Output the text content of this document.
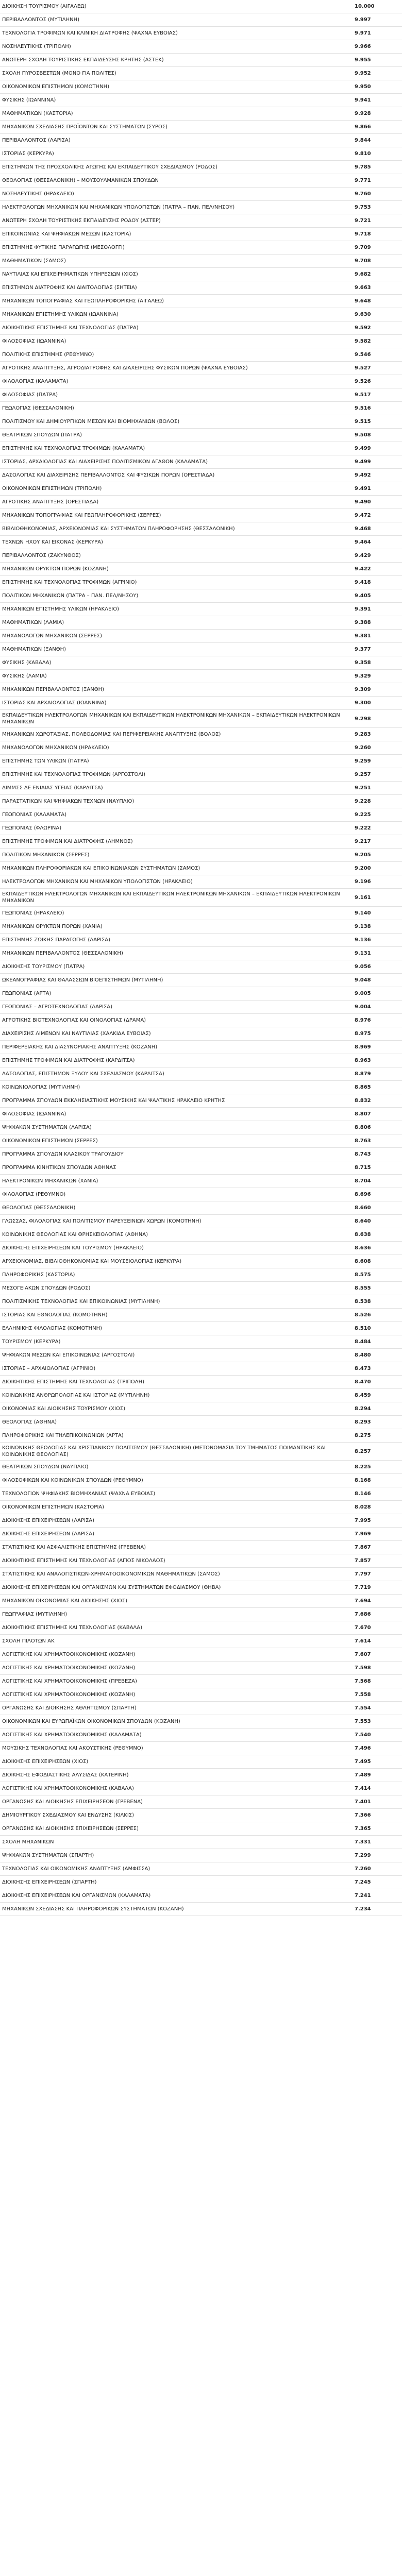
ΔΙΟΙΚΗΣΗ ΤΟΥΡΙΣΜΟΥ (ΑΙΓΑΛΕΩ)	10.000
ΠΕΡΙΒΑΛΛΟΝΤΟΣ (ΜΥΤΙΛΗΝΗ)	9.997
ΤΕΧΝΟΛΟΓΙΑ ΤΡΟΦΙΜΩΝ ΚΑΙ ΚΛΙΝΙΚΗ ΔΙΑΤΡΟΦΗΣ (ΨΑΧΝΑ ΕΥΒΟΙΑΣ)	9.971
ΝΟΣΗΛΕΥΤΙΚΗΣ (ΤΡΙΠΟΛΗ)	9.966
ΑΝΩΤΕΡΗ ΣΧΟΛΗ ΤΟΥΡΙΣΤΙΚΗΣ ΕΚΠΑΙΔΕΥΣΗΣ ΚΡΗΤΗΣ (ΑΣΤΕΚ)	9.955
ΣΧΟΛΗ ΠΥΡΟΣΒΕΣΤΩΝ (ΜΟΝΟ ΓΙΑ ΠΟΛΙΤΕΣ)	9.952
ΟΙΚΟΝΟΜΙΚΩΝ ΕΠΙΣΤΗΜΩΝ (ΚΟΜΟΤΗΝΗ)	9.950
ΦΥΣΙΚΗΣ (ΙΩΑΝΝΙΝΑ)	9.941
ΜΑΘΗΜΑΤΙΚΩΝ (ΚΑΣΤΟΡΙΑ)	9.928
ΜΗΧΑΝΙΚΩΝ ΣΧΕΔΙΑΣΗΣ ΠΡΟΪΟΝΤΩΝ ΚΑΙ ΣΥΣΤΗΜΑΤΩΝ (ΣΥΡΟΣ)	9.866
ΠΕΡΙΒΑΛΛΟΝΤΟΣ (ΛΑΡΙΣΑ)	9.844
ΙΣΤΟΡΙΑΣ (ΚΕΡΚΥΡΑ)	9.810
ΕΠΙΣΤΗΜΩΝ ΤΗΣ ΠΡΟΣΧΟΛΙΚΗΣ ΑΓΩΓΗΣ ΚΑΙ ΕΚΠΑΙΔΕΥΤΙΚΟΥ ΣΧΕΔΙΑΣΜΟΥ (ΡΟΔΟΣ)	9.785
ΘΕΟΛΟΓΙΑΣ (ΘΕΣΣΑΛΟΝΙΚΗ) – ΜΟΥΣΟΥΛΜΑΝΙΚΩΝ ΣΠΟΥΔΩΝ	9.771
ΝΟΣΗΛΕΥΤΙΚΗΣ (ΗΡΑΚΛΕΙΟ)	9.760
ΗΛΕΚΤΡΟΛΟΓΩΝ ΜΗΧΑΝΙΚΩΝ ΚΑΙ ΜΗΧΑΝΙΚΩΝ ΥΠΟΛΟΓΙΣΤΩΝ (ΠΑΤΡΑ – ΠΑΝ. ΠΕΛ/ΝΗΣΟΥ)	9.753
ΑΝΩΤΕΡΗ ΣΧΟΛΗ ΤΟΥΡΙΣΤΙΚΗΣ ΕΚΠΑΙΔΕΥΣΗΣ ΡΟΔΟΥ (ΑΣΤΕΡ)	9.721
ΕΠΙΚΟΙΝΩΝΙΑΣ ΚΑΙ ΨΗΦΙΑΚΩΝ ΜΕΣΩΝ (ΚΑΣΤΟΡΙΑ)	9.718
ΕΠΙΣΤΗΜΗΣ ΦΥΤΙΚΗΣ ΠΑΡΑΓΩΓΗΣ (ΜΕΣΟΛΟΓΓΙ)	9.709
ΜΑΘΗΜΑΤΙΚΩΝ (ΣΑΜΟΣ)	9.708
ΝΑΥΤΙΛΙΑΣ ΚΑΙ ΕΠΙΧΕΙΡΗΜΑΤΙΚΩΝ ΥΠΗΡΕΣΙΩΝ (ΧΙΟΣ)	9.682
ΕΠΙΣΤΗΜΩΝ ΔΙΑΤΡΟΦΗΣ ΚΑΙ ΔΙΑΙΤΟΛΟΓΙΑΣ (ΣΗΤΕΙΑ)	9.663
ΜΗΧΑΝΙΚΩΝ ΤΟΠΟΓΡΑΦΙΑΣ ΚΑΙ ΓΕΩΠΛΗΡΟΦΟΡΙΚΗΣ (ΑΙΓΑΛΕΩ)	9.648
ΜΗΧΑΝΙΚΩΝ ΕΠΙΣΤΗΜΗΣ ΥΛΙΚΩΝ (ΙΩΑΝΝΙΝΑ)	9.630
ΔΙΟΙΚΗΤΙΚΗΣ ΕΠΙΣΤΗΜΗΣ ΚΑΙ ΤΕΧΝΟΛΟΓΙΑΣ (ΠΑΤΡΑ)	9.592
ΦΙΛΟΣΟΦΙΑΣ (ΙΩΑΝΝΙΝΑ)	9.582
ΠΟΛΙΤΙΚΗΣ ΕΠΙΣΤΗΜΗΣ (ΡΕΘΥΜΝΟ)	9.546
ΑΓΡΟΤΙΚΗΣ ΑΝΑΠΤΥΞΗΣ, ΑΓΡΟΔΙΑΤΡΟΦΗΣ ΚΑΙ ΔΙΑΧΕΙΡΙΣΗΣ ΦΥΣΙΚΩΝ ΠΟΡΩΝ (ΨΑΧΝΑ ΕΥΒΟΙΑΣ)	9.527
ΦΙΛΟΛΟΓΙΑΣ (ΚΑΛΑΜΑΤΑ)	9.526
ΦΙΛΟΣΟΦΙΑΣ (ΠΑΤΡΑ)	9.517
ΓΕΩΛΟΓΙΑΣ (ΘΕΣΣΑΛΟΝΙΚΗ)	9.516
ΠΟΛΙΤΙΣΜΟΥ ΚΑΙ ΔΗΜΙΟΥΡΓΙΚΩΝ ΜΕΣΩΝ ΚΑΙ ΒΙΟΜΗΧΑΝΙΩΝ (ΒΟΛΟΣ)	9.515
ΘΕΑΤΡΙΚΩΝ ΣΠΟΥΔΩΝ (ΠΑΤΡΑ)	9.508
ΕΠΙΣΤΗΜΗΣ ΚΑΙ ΤΕΧΝΟΛΟΓΙΑΣ ΤΡΟΦΙΜΩΝ (ΚΑΛΑΜΑΤΑ)	9.499
ΙΣΤΟΡΙΑΣ, ΑΡΧΑΙΟΛΟΓΙΑΣ ΚΑΙ ΔΙΑΧΕΙΡΙΣΗΣ ΠΟΛΙΤΙΣΜΙΚΩΝ ΑΓΑΘΩΝ (ΚΑΛΑΜΑΤΑ)	9.499
ΔΑΣΟΛΟΓΙΑΣ ΚΑΙ ΔΙΑΧΕΙΡΙΣΗΣ ΠΕΡΙΒΑΛΛΟΝΤΟΣ ΚΑΙ ΦΥΣΙΚΩΝ ΠΟΡΩΝ (ΟΡΕΣΤΙΑΔΑ)	9.492
ΟΙΚΟΝΟΜΙΚΩΝ ΕΠΙΣΤΗΜΩΝ (ΤΡΙΠΟΛΗ)	9.491
ΑΓΡΟΤΙΚΗΣ ΑΝΑΠΤΥΞΗΣ (ΟΡΕΣΤΙΑΔΑ)	9.490
ΜΗΧΑΝΙΚΩΝ ΤΟΠΟΓΡΑΦΙΑΣ ΚΑΙ ΓΕΩΠΛΗΡΟΦΟΡΙΚΗΣ (ΣΕΡΡΕΣ)	9.472
ΒΙΒΛΙΟΘΗΚΟΝΟΜΙΑΣ, ΑΡΧΕΙΟΝΟΜΙΑΣ ΚΑΙ ΣΥΣΤΗΜΑΤΩΝ ΠΛΗΡΟΦΟΡΗΣΗΣ (ΘΕΣΣΑΛΟΝΙΚΗ)	9.468
ΤΕΧΝΩΝ ΗΧΟΥ ΚΑΙ ΕΙΚΟΝΑΣ (ΚΕΡΚΥΡΑ)	9.464
ΠΕΡΙΒΑΛΛΟΝΤΟΣ (ΖΑΚΥΝΘΟΣ)	9.429
ΜΗΧΑΝΙΚΩΝ ΟΡΥΚΤΩΝ ΠΟΡΩΝ (ΚΟΖΑΝΗ)	9.422
ΕΠΙΣΤΗΜΗΣ ΚΑΙ ΤΕΧΝΟΛΟΓΙΑΣ ΤΡΟΦΙΜΩΝ (ΑΓΡΙΝΙΟ)	9.418
ΠΟΛΙΤΙΚΩΝ ΜΗΧΑΝΙΚΩΝ (ΠΑΤΡΑ – ΠΑΝ. ΠΕΛ/ΝΗΣΟΥ)	9.405
ΜΗΧΑΝΙΚΩΝ ΕΠΙΣΤΗΜΗΣ ΥΛΙΚΩΝ (ΗΡΑΚΛΕΙΟ)	9.391
ΜΑΘΗΜΑΤΙΚΩΝ (ΛΑΜΙΑ)	9.388
ΜΗΧΑΝΟΛΟΓΩΝ ΜΗΧΑΝΙΚΩΝ (ΣΕΡΡΕΣ)	9.381
ΜΑΘΗΜΑΤΙΚΩΝ (ΞΑΝΘΗ)	9.377
ΦΥΣΙΚΗΣ (ΚΑΒΑΛΑ)	9.358
ΦΥΣΙΚΗΣ (ΛΑΜΙΑ)	9.329
ΜΗΧΑΝΙΚΩΝ ΠΕΡΙΒΑΛΛΟΝΤΟΣ (ΞΑΝΘΗ)	9.309
ΙΣΤΟΡΙΑΣ ΚΑΙ ΑΡΧΑΙΟΛΟΓΙΑΣ (ΙΩΑΝΝΙΝΑ)	9.300
ΕΚΠΑΙΔΕΥΤΙΚΩΝ ΗΛΕΚΤΡΟΛΟΓΩΝ ΜΗΧΑΝΙΚΩΝ ΚΑΙ ΕΚΠΑΙΔΕΥΤΙΚΩΝ ΗΛΕΚΤΡΟΝΙΚΩΝ ΜΗΧΑΝΙΚΩΝ – ΕΚΠΑΙΔΕΥΤΙΚΩΝ ΗΛΕΚΤΡΟΝΙΚΩΝ ΜΗΧΑΝΙΚΩΝ
9.298
ΜΗΧΑΝΙΚΩΝ ΧΩΡΟΤΑΞΙΑΣ, ΠΟΛΕΟΔΟΜΙΑΣ ΚΑΙ ΠΕΡΙΦΕΡΕΙΑΚΗΣ ΑΝΑΠΤΥΞΗΣ (ΒΟΛΟΣ)	9.283
ΜΗΧΑΝΟΛΟΓΩΝ ΜΗΧΑΝΙΚΩΝ (ΗΡΑΚΛΕΙΟ)	9.260
ΕΠΙΣΤΗΜΗΣ ΤΩΝ ΥΛΙΚΩΝ (ΠΑΤΡΑ)	9.259
ΕΠΙΣΤΗΜΗΣ ΚΑΙ ΤΕΧΝΟΛΟΓΙΑΣ ΤΡΟΦΙΜΩΝ (ΑΡΓΟΣΤΟΛΙ)	9.257
ΔΙΜΜΣΣ ΔΕ ΕΝΙΑΙΑΣ ΥΓΕΙΑΣ (ΚΑΡΔΙΤΣΑ)	9.251
ΠΑΡΑΣΤΑΤΙΚΩΝ ΚΑΙ ΨΗΦΙΑΚΩΝ ΤΕΧΝΩΝ (ΝΑΥΠΛΙΟ)	9.228
ΓΕΩΠΟΝΙΑΣ (ΚΑΛΑΜΑΤΑ)	9.225
ΓΕΩΠΟΝΙΑΣ (ΦΛΩΡΙΝΑ)	9.222
ΕΠΙΣΤΗΜΗΣ ΤΡΟΦΙΜΩΝ ΚΑΙ ΔΙΑΤΡΟΦΗΣ (ΛΗΜΝΟΣ)	9.217
ΠΟΛΙΤΙΚΩΝ ΜΗΧΑΝΙΚΩΝ (ΣΕΡΡΕΣ)	9.205
ΜΗΧΑΝΙΚΩΝ ΠΛΗΡΟΦΟΡΙΑΚΩΝ ΚΑΙ ΕΠΙΚΟΙΝΩΝΙΑΚΩΝ ΣΥΣΤΗΜΑΤΩΝ (ΣΑΜΟΣ)	9.200
ΗΛΕΚΤΡΟΛΟΓΩΝ ΜΗΧΑΝΙΚΩΝ ΚΑΙ ΜΗΧΑΝΙΚΩΝ ΥΠΟΛΟΓΙΣΤΩΝ (ΗΡΑΚΛΕΙΟ)	9.196
ΕΚΠΑΙΔΕΥΤΙΚΩΝ ΗΛΕΚΤΡΟΛΟΓΩΝ ΜΗΧΑΝΙΚΩΝ ΚΑΙ ΕΚΠΑΙΔΕΥΤΙΚΩΝ ΗΛΕΚΤΡΟΝΙΚΩΝ ΜΗΧΑΝΙΚΩΝ – ΕΚΠΑΙΔΕΥΤΙΚΩΝ ΗΛΕΚΤΡΟΝΙΚΩΝ ΜΗΧΑΝΙΚΩΝ
9.161
ΓΕΩΠΟΝΙΑΣ (ΗΡΑΚΛΕΙΟ)	9.140
ΜΗΧΑΝΙΚΩΝ ΟΡΥΚΤΩΝ ΠΟΡΩΝ (ΧΑΝΙΑ)	9.138
ΕΠΙΣΤΗΜΗΣ ΖΩΙΚΗΣ ΠΑΡΑΓΩΓΗΣ (ΛΑΡΙΣΑ)	9.136
ΜΗΧΑΝΙΚΩΝ ΠΕΡΙΒΑΛΛΟΝΤΟΣ (ΘΕΣΣΑΛΟΝΙΚΗ)	9.131
ΔΙΟΙΚΗΣΗΣ ΤΟΥΡΙΣΜΟΥ (ΠΑΤΡΑ)	9.056
ΩΚΕΑΝΟΓΡΑΦΙΑΣ ΚΑΙ ΘΑΛΑΣΣΙΩΝ ΒΙΟΕΠΙΣΤΗΜΩΝ (ΜΥΤΙΛΗΝΗ)	9.048
ΓΕΩΠΟΝΙΑΣ (ΑΡΤΑ)	9.005
ΓΕΩΠΟΝΙΑΣ – ΑΓΡΟΤΕΧΝΟΛΟΓΙΑΣ (ΛΑΡΙΣΑ)	9.004
ΑΓΡΟΤΙΚΗΣ ΒΙΟΤΕΧΝΟΛΟΓΙΑΣ ΚΑΙ ΟΙΝΟΛΟΓΙΑΣ (ΔΡΑΜΑ)	8.976
ΔΙΑΧΕΙΡΙΣΗΣ ΛΙΜΕΝΩΝ ΚΑΙ ΝΑΥΤΙΛΙΑΣ (ΧΑΛΚΙΔΑ ΕΥΒΟΙΑΣ)	8.975
ΠΕΡΙΦΕΡΕΙΑΚΗΣ ΚΑΙ ΔΙΑΣΥΝΟΡΙΑΚΗΣ ΑΝΑΠΤΥΞΗΣ (ΚΟΖΑΝΗ)	8.969
ΕΠΙΣΤΗΜΗΣ ΤΡΟΦΙΜΩΝ ΚΑΙ ΔΙΑΤΡΟΦΗΣ (ΚΑΡΔΙΤΣΑ)	8.963
ΔΑΣΟΛΟΓΙΑΣ, ΕΠΙΣΤΗΜΩΝ ΞΥΛΟΥ ΚΑΙ ΣΧΕΔΙΑΣΜΟΥ (ΚΑΡΔΙΤΣΑ)	8.879
ΚΟΙΝΩΝΙΟΛΟΓΙΑΣ (ΜΥΤΙΛΗΝΗ)	8.865
ΠΡΟΓΡΑΜΜΑ ΣΠΟΥΔΩΝ ΕΚΚΛΗΣΙΑΣΤΙΚΗΣ ΜΟΥΣΙΚΗΣ ΚΑΙ ΨΑΛΤΙΚΗΣ ΗΡΑΚΛΕΙΟ ΚΡΗΤΗΣ	8.832
ΦΙΛΟΣΟΦΙΑΣ (ΙΩΑΝΝΙΝΑ)	8.807
ΨΗΦΙΑΚΩΝ ΣΥΣΤΗΜΑΤΩΝ (ΛΑΡΙΣΑ)	8.806
ΟΙΚΟΝΟΜΙΚΩΝ ΕΠΙΣΤΗΜΩΝ (ΣΕΡΡΕΣ)	8.763
ΠΡΟΓΡΑΜΜΑ ΣΠΟΥΔΩΝ ΚΛΑΣΙΚΟΥ ΤΡΑΓΟΥΔΙΟΥ	8.743
ΠΡΟΓΡΑΜΜΑ ΚΙΝΗΤΙΚΩΝ ΣΠΟΥΔΩΝ ΑΘΗΝΑΣ	8.715
ΗΛΕΚΤΡΟΝΙΚΩΝ ΜΗΧΑΝΙΚΩΝ (ΧΑΝΙΑ)	8.704
ΦΙΛΟΛΟΓΙΑΣ (ΡΕΘΥΜΝΟ)	8.696
ΘΕΟΛΟΓΙΑΣ (ΘΕΣΣΑΛΟΝΙΚΗ)	8.660
ΓΛΩΣΣΑΣ, ΦΙΛΟΛΟΓΙΑΣ ΚΑΙ ΠΟΛΙΤΙΣΜΟΥ ΠΑΡΕΥΞΕΙΝΙΩΝ ΧΩΡΩΝ (ΚΟΜΟΤΗΝΗ)	8.640
ΚΟΙΝΩΝΙΚΗΣ ΘΕΟΛΟΓΙΑΣ ΚΑΙ ΘΡΗΣΚΕΙΟΛΟΓΙΑΣ (ΑΘΗΝΑ)	8.638
ΔΙΟΙΚΗΣΗΣ ΕΠΙΧΕΙΡΗΣΕΩΝ ΚΑΙ ΤΟΥΡΙΣΜΟΥ (ΗΡΑΚΛΕΙΟ)	8.636
ΑΡΧΕΙΟΝΟΜΙΑΣ, ΒΙΒΛΙΟΘΗΚΟΝΟΜΙΑΣ ΚΑΙ ΜΟΥΣΕΙΟΛΟΓΙΑΣ (ΚΕΡΚΥΡΑ)	8.608
ΠΛΗΡΟΦΟΡΙΚΗΣ (ΚΑΣΤΟΡΙΑ)	8.575
ΜΕΣΟΓΕΙΑΚΩΝ ΣΠΟΥΔΩΝ (ΡΟΔΟΣ)	8.555
ΠΟΛΙΤΙΣΜΙΚΗΣ ΤΕΧΝΟΛΟΓΙΑΣ ΚΑΙ ΕΠΙΚΟΙΝΩΝΙΑΣ (ΜΥΤΙΛΗΝΗ)	8.538
ΙΣΤΟΡΙΑΣ ΚΑΙ ΕΘΝΟΛΟΓΙΑΣ (ΚΟΜΟΤΗΝΗ)	8.526
ΕΛΛΗΝΙΚΗΣ ΦΙΛΟΛΟΓΙΑΣ (ΚΟΜΟΤΗΝΗ)	8.510
ΤΟΥΡΙΣΜΟΥ (ΚΕΡΚΥΡΑ)	8.484
ΨΗΦΙΑΚΩΝ ΜΕΣΩΝ ΚΑΙ ΕΠΙΚΟΙΝΩΝΙΑΣ (ΑΡΓΟΣΤΟΛΙ)	8.480
ΙΣΤΟΡΙΑΣ – ΑΡΧΑΙΟΛΟΓΙΑΣ (ΑΓΡΙΝΙΟ)	8.473
ΔΙΟΙΚΗΤΙΚΗΣ ΕΠΙΣΤΗΜΗΣ ΚΑΙ ΤΕΧΝΟΛΟΓΙΑΣ (ΤΡΙΠΟΛΗ)	8.470
ΚΟΙΝΩΝΙΚΗΣ ΑΝΘΡΩΠΟΛΟΓΙΑΣ ΚΑΙ ΙΣΤΟΡΙΑΣ (ΜΥΤΙΛΗΝΗ)	8.459
ΟΙΚΟΝΟΜΙΑΣ ΚΑΙ ΔΙΟΙΚΗΣΗΣ ΤΟΥΡΙΣΜΟΥ (ΧΙΟΣ)	8.294
ΘΕΟΛΟΓΙΑΣ (ΑΘΗΝΑ)	8.293
ΠΛΗΡΟΦΟΡΙΚΗΣ ΚΑΙ ΤΗΛΕΠΙΚΟΙΝΩΝΙΩΝ (ΑΡΤΑ)	8.275
ΚΟΙΝΩΝΙΚΗΣ ΘΕΟΛΟΓΙΑΣ ΚΑΙ ΧΡΙΣΤΙΑΝΙΚΟΥ ΠΟΛΙΤΙΣΜΟΥ (ΘΕΣΣΑΛΟΝΙΚΗ) (ΜΕΤΟΝΟΜΑΣΙΑ ΤΟΥ ΤΜΗΜΑΤΟΣ ΠΟΙΜΑΝΤΙΚΗΣ ΚΑΙ ΚΟΙΝΩΝΙΚΗΣ ΘΕΟΛΟΓΙΑΣ)
8.257
ΘΕΑΤΡΙΚΩΝ ΣΠΟΥΔΩΝ (ΝΑΥΠΛΙΟ)	8.225
ΦΙΛΟΣΟΦΙΚΩΝ ΚΑΙ ΚΟΙΝΩΝΙΚΩΝ ΣΠΟΥΔΩΝ (ΡΕΘΥΜΝΟ)	8.168
ΤΕΧΝΟΛΟΓΙΩΝ ΨΗΦΙΑΚΗΣ ΒΙΟΜΗΧΑΝΙΑΣ (ΨΑΧΝΑ ΕΥΒΟΙΑΣ)	8.146
ΟΙΚΟΝΟΜΙΚΩΝ ΕΠΙΣΤΗΜΩΝ (ΚΑΣΤΟΡΙΑ)	8.028
ΔΙΟΙΚΗΣΗΣ ΕΠΙΧΕΙΡΗΣΕΩΝ (ΛΑΡΙΣΑ)	7.995
ΔΙΟΙΚΗΣΗΣ ΕΠΙΧΕΙΡΗΣΕΩΝ (ΛΑΡΙΣΑ)	7.969
ΣΤΑΤΙΣΤΙΚΗΣ ΚΑΙ ΑΣΦΑΛΙΣΤΙΚΗΣ ΕΠΙΣΤΗΜΗΣ (ΓΡΕΒΕΝΑ)	7.867
ΔΙΟΙΚΗΤΙΚΗΣ ΕΠΙΣΤΗΜΗΣ ΚΑΙ ΤΕΧΝΟΛΟΓΙΑΣ (ΑΓΙΟΣ ΝΙΚΟΛΑΟΣ)	7.857
ΣΤΑΤΙΣΤΙΚΗΣ ΚΑΙ ΑΝΑΛΟΓΙΣΤΙΚΩΝ-ΧΡΗΜΑΤΟΟΙΚΟΝΟΜΙΚΩΝ ΜΑΘΗΜΑΤΙΚΩΝ (ΣΑΜΟΣ)	7.797
ΔΙΟΙΚΗΣΗΣ ΕΠΙΧΕΙΡΗΣΕΩΝ ΚΑΙ ΟΡΓΑΝΙΣΜΩΝ ΚΑΙ ΣΥΣΤΗΜΑΤΩΝ ΕΦΟΔΙΑΣΜΟΥ (ΘΗΒΑ)	7.719
ΜΗΧΑΝΙΚΩΝ ΟΙΚΟΝΟΜΙΑΣ ΚΑΙ ΔΙΟΙΚΗΣΗΣ (ΧΙΟΣ)	7.694
ΓΕΩΓΡΑΦΙΑΣ (ΜΥΤΙΛΗΝΗ)	7.686
ΔΙΟΙΚΗΤΙΚΗΣ ΕΠΙΣΤΗΜΗΣ ΚΑΙ ΤΕΧΝΟΛΟΓΙΑΣ (ΚΑΒΑΛΑ)	7.670
ΣΧΟΛΗ ΠΙΛΟΤΩΝ ΑΚ	7.614
ΛΟΓΙΣΤΙΚΗΣ ΚΑΙ ΧΡΗΜΑΤΟΟΙΚΟΝΟΜΙΚΗΣ (ΚΟΖΑΝΗ)	7.607
ΛΟΓΙΣΤΙΚΗΣ ΚΑΙ ΧΡΗΜΑΤΟΟΙΚΟΝΟΜΙΚΗΣ (ΚΟΖΑΝΗ)	7.598
ΛΟΓΙΣΤΙΚΗΣ ΚΑΙ ΧΡΗΜΑΤΟΟΙΚΟΝΟΜΙΚΗΣ (ΠΡΕΒΕΖΑ)	7.568
ΛΟΓΙΣΤΙΚΗΣ ΚΑΙ ΧΡΗΜΑΤΟΟΙΚΟΝΟΜΙΚΗΣ (ΚΟΖΑΝΗ)	7.558
ΟΡΓΑΝΩΣΗΣ ΚΑΙ ΔΙΟΙΚΗΣΗΣ ΑΘΛΗΤΙΣΜΟΥ (ΣΠΑΡΤΗ)	7.554
ΟΙΚΟΝΟΜΙΚΩΝ ΚΑΙ ΕΥΡΩΠΑΪΚΩΝ ΟΙΚΟΝΟΜΙΚΩΝ ΣΠΟΥΔΩΝ (ΚΟΖΑΝΗ)	7.553
ΛΟΓΙΣΤΙΚΗΣ ΚΑΙ ΧΡΗΜΑΤΟΟΙΚΟΝΟΜΙΚΗΣ (ΚΑΛΑΜΑΤΑ)	7.540
ΜΟΥΣΙΚΗΣ ΤΕΧΝΟΛΟΓΙΑΣ ΚΑΙ ΑΚΟΥΣΤΙΚΗΣ (ΡΕΘΥΜΝΟ)	7.496
ΔΙΟΙΚΗΣΗΣ ΕΠΙΧΕΙΡΗΣΕΩΝ (ΧΙΟΣ)	7.495
ΔΙΟΙΚΗΣΗΣ ΕΦΟΔΙΑΣΤΙΚΗΣ ΑΛΥΣΙΔΑΣ (ΚΑΤΕΡΙΝΗ)	7.489
ΛΟΓΙΣΤΙΚΗΣ ΚΑΙ ΧΡΗΜΑΤΟΟΙΚΟΝΟΜΙΚΗΣ (ΚΑΒΑΛΑ)	7.414
ΟΡΓΑΝΩΣΗΣ ΚΑΙ ΔΙΟΙΚΗΣΗΣ ΕΠΙΧΕΙΡΗΣΕΩΝ (ΓΡΕΒΕΝΑ)	7.401
ΔΗΜΙΟΥΡΓΙΚΟΥ ΣΧΕΔΙΑΣΜΟΥ ΚΑΙ ΕΝΔΥΣΗΣ (ΚΙΛΚΙΣ)	7.366
ΟΡΓΑΝΩΣΗΣ ΚΑΙ ΔΙΟΙΚΗΣΗΣ ΕΠΙΧΕΙΡΗΣΕΩΝ (ΣΕΡΡΕΣ)	7.365
ΣΧΟΛΗ ΜΗΧΑΝΙΚΩΝ	7.331
ΨΗΦΙΑΚΩΝ ΣΥΣΤΗΜΑΤΩΝ (ΣΠΑΡΤΗ)	7.299
ΤΕΧΝΟΛΟΓΙΑΣ ΚΑΙ ΟΙΚΟΝΟΜΙΚΗΣ ΑΝΑΠΤΥΞΗΣ (ΑΜΦΙΣΣΑ)	7.260
ΔΙΟΙΚΗΣΗΣ ΕΠΙΧΕΙΡΗΣΕΩΝ (ΣΠΑΡΤΗ)	7.245
ΔΙΟΙΚΗΣΗΣ ΕΠΙΧΕΙΡΗΣΕΩΝ ΚΑΙ ΟΡΓΑΝΙΣΜΩΝ (ΚΑΛΑΜΑΤΑ)	7.241
ΜΗΧΑΝΙΚΩΝ ΣΧΕΔΙΑΣΗΣ ΚΑΙ ΠΛΗΡΟΦΟΡΙΚΩΝ ΣΥΣΤΗΜΑΤΩΝ (ΚΟΖΑΝΗ)	7.234
